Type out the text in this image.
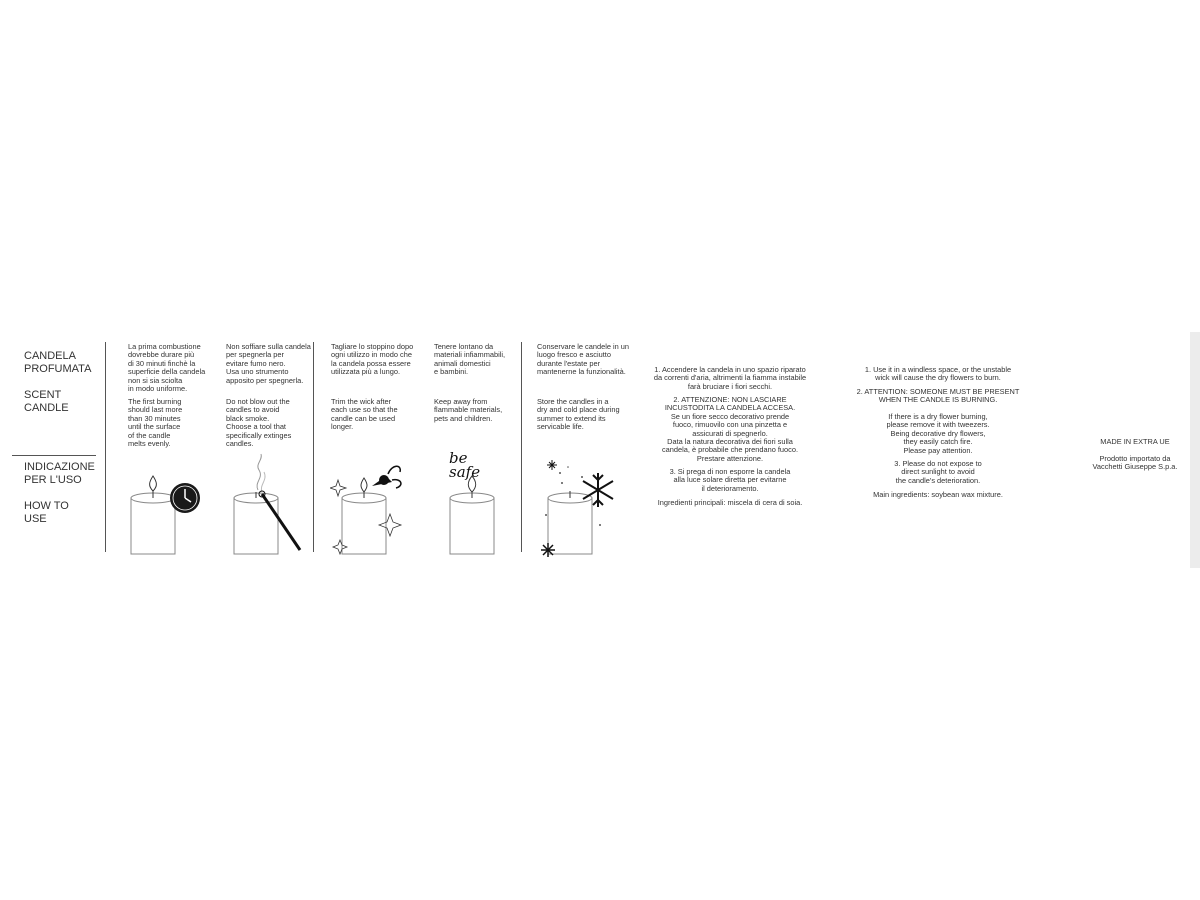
CANDELA
PROFUMATA
SCENT
CANDLE
INDICAZIONE
PER L'USO
HOW TO
USE
La prima combustione
dovrebbe durare più
di 30 minuti finchè la
superficie della candela
non si sia sciolta
in modo uniforme.
The first burning
should last more
than 30 minutes
until the surface
of the candle
melts evenly.
Non soffiare sulla candela
per spegnerla per
evitare fumo nero.
Usa uno strumento
apposito per spegnerla.
Do not blow out the
candles to avoid
black smoke.
Choose a tool that
specifically extinges
candles.
Tagliare lo stoppino dopo
ogni utilizzo in modo che
la candela possa essere
utilizzata più a lungo.
Trim the wick after
each use so that the
candle can be used
longer.
Tenere lontano da
materiali infiammabili,
animali domestici
e bambini.
Keep away from
flammable materials,
pets and children.
be
safe
Conservare le candele in un
luogo fresco e asciutto
durante l'estate per
mantenerne la funzionalità.
Store the candles in a
dry and cold place during
summer to extend its
servicable life.
1. Accendere la candela in uno spazio riparato
da correnti d'aria, altrimenti la fiamma instabile
farà bruciare i fiori secchi.
2. ATTENZIONE: NON LASCIARE
INCUSTODITA LA CANDELA ACCESA.
Se un fiore secco decorativo prende
fuoco, rimuovilo con una pinzetta e
assicurati di spegnerlo.
Data la natura decorativa dei fiori sulla
candela, è probabile che prendano fuoco.
Prestare attenzione.
3. Si prega di non esporre la candela
alla luce solare diretta per evitarne
il deterioramento.
Ingredienti principali: miscela di cera di soia.
1. Use it in a windless space, or the unstable
wick will cause the dry flowers to burn.
2. ATTENTION: SOMEONE MUST BE PRESENT
WHEN THE CANDLE IS BURNING.
If there is a dry flower burning,
please remove it with tweezers.
Being decorative dry flowers,
they easily catch fire.
Please pay attention.
3. Please do not expose to
direct sunlight to avoid
the candle's deterioration.
Main ingredients: soybean wax mixture.
MADE IN EXTRA UE
Prodotto importato da
Vacchetti Giuseppe S.p.a.
